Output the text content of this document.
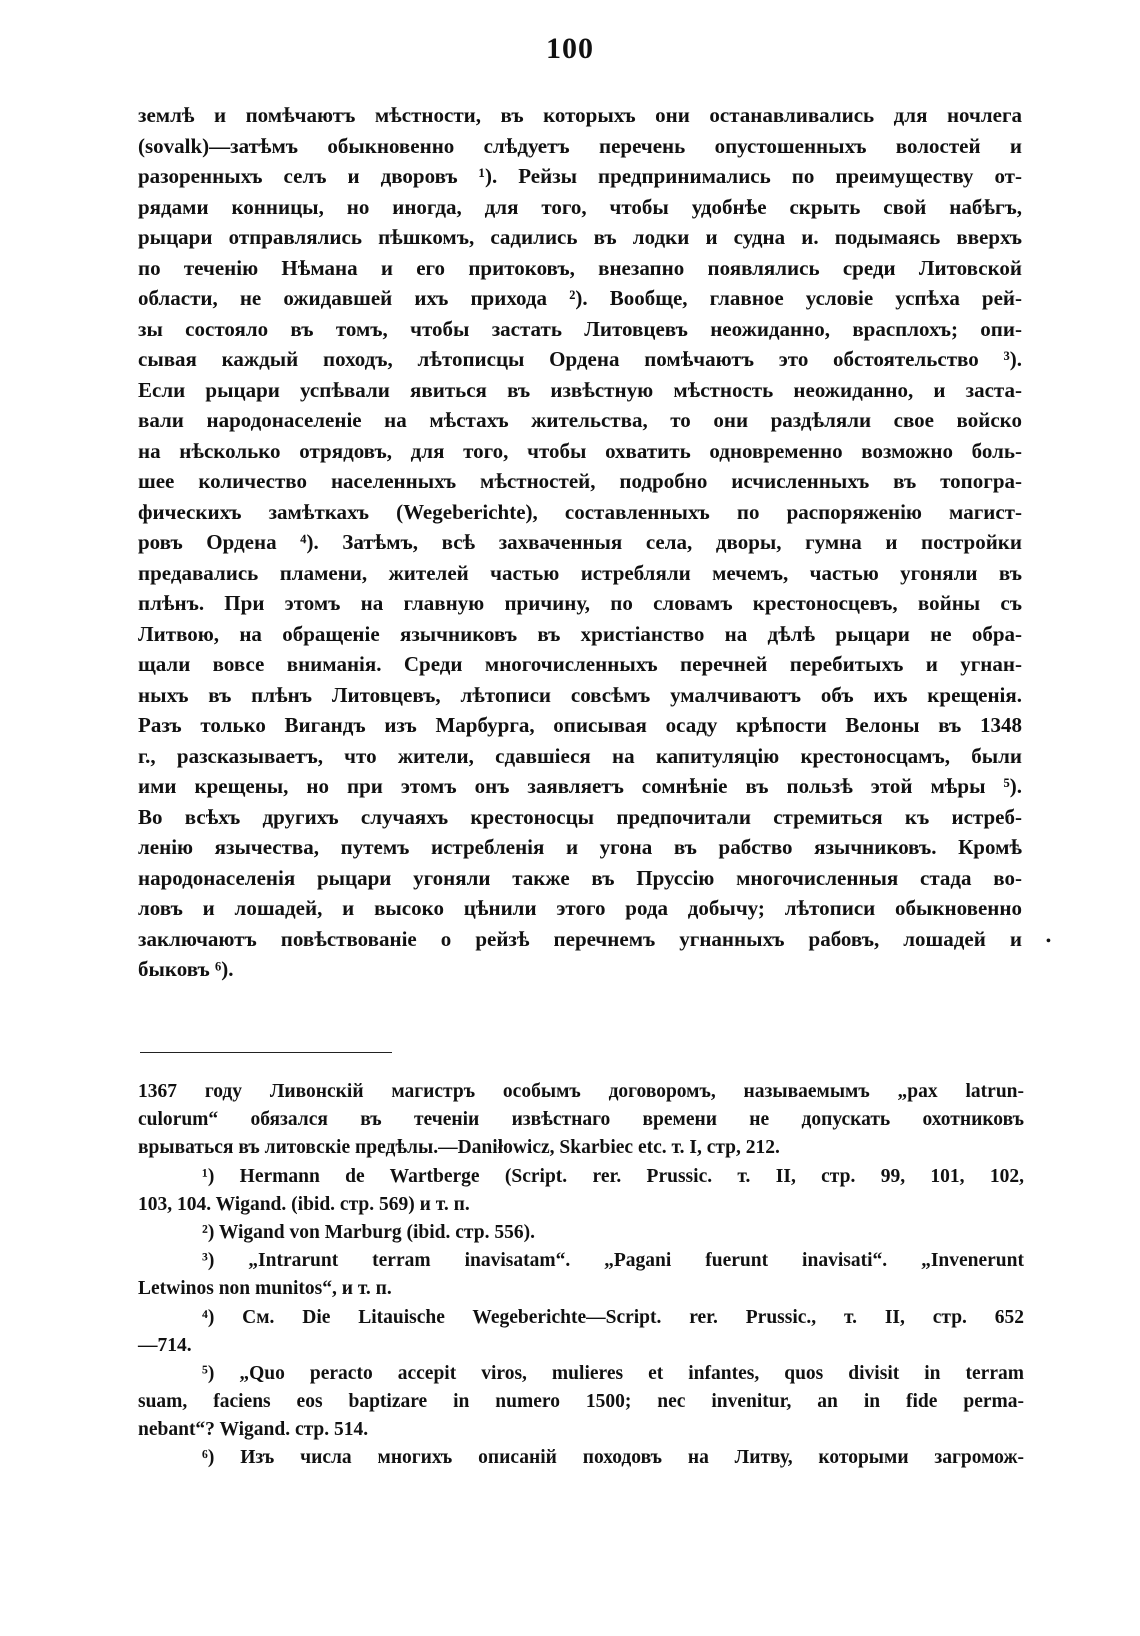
100
землѣ и помѣчаютъ мѣстности, въ которыхъ они останавливались для ночлега
(sovalk)—затѣмъ обыкновенно слѣдуетъ перечень опустошенныхъ волостей и
разоренныхъ селъ и дворовъ ¹). Рейзы предпринимались по преимуществу от-
рядами конницы, но иногда, для того, чтобы удобнѣе скрыть свой набѣгъ,
рыцари отправлялись пѣшкомъ, садились въ лодки и судна и. подымаясь вверхъ
по теченію Нѣмана и его притоковъ, внезапно появлялись среди Литовской
области, не ожидавшей ихъ прихода ²). Вообще, главное условіе успѣха рей-
зы состояло въ томъ, чтобы застать Литовцевъ неожиданно, врасплохъ; опи-
сывая каждый походъ, лѣтописцы Ордена помѣчаютъ это обстоятельство ³).
Если рыцари успѣвали явиться въ извѣстную мѣстность неожиданно, и заста-
вали народонаселеніе на мѣстахъ жительства, то они раздѣляли свое войско
на нѣсколько отрядовъ, для того, чтобы охватить одновременно возможно боль-
шее количество населенныхъ мѣстностей, подробно исчисленныхъ въ топогра-
фическихъ замѣткахъ (Wegeberichte), составленныхъ по распоряженію магист-
ровъ Ордена ⁴). Затѣмъ, всѣ захваченныя села, дворы, гумна и постройки
предавались пламени, жителей частью истребляли мечемъ, частью угоняли въ
плѣнъ. При этомъ на главную причину, по словамъ крестоносцевъ, войны съ
Литвою, на обращеніе язычниковъ въ христіанство на дѣлѣ рыцари не обра-
щали вовсе вниманія. Среди многочисленныхъ перечней перебитыхъ и угнан-
ныхъ въ плѣнъ Литовцевъ, лѣтописи совсѣмъ умалчиваютъ объ ихъ крещенія.
Разъ только Вигандъ изъ Марбурга, описывая осаду крѣпости Велоны въ 1348
г., разсказываетъ, что жители, сдавшіеся на капитуляцію крестоносцамъ, были
ими крещены, но при этомъ онъ заявляетъ сомнѣніе въ пользѣ этой мѣры ⁵).
Во всѣхъ другихъ случаяхъ крестоносцы предпочитали стремиться къ истреб-
ленію язычества, путемъ истребленія и угона въ рабство язычниковъ. Кромѣ
народонаселенія рыцари угоняли также въ Пруссію многочисленныя стада во-
ловъ и лошадей, и высоко цѣнили этого рода добычу; лѣтописи обыкновенно
заключаютъ повѣствованіе о рейзѣ перечнемъ угнанныхъ рабовъ, лошадей и
быковъ ⁶).
•
1367 году Ливонскій магистръ особымъ договоромъ, называемымъ „pax latrun-
culorum“ обязался въ теченіи извѣстнаго времени не допускать охотниковъ
врываться въ литовскіе предѣлы.—Daniłowicz, Skarbiec etc. т. I, стр, 212.
¹) Hermann de Wartberge (Script. rer. Prussic. т. II, стр. 99, 101, 102,
103, 104. Wigand. (ibid. стр. 569) и т. п.
²) Wigand von Marburg (ibid. стр. 556).
³) „Intrarunt terram inavisatam“. „Pagani fuerunt inavisati“. „Invenerunt
Letwinos non munitos“, и т. п.
⁴) См. Die Litauische Wegeberichte—Script. rer. Prussic., т. II, стр. 652
—714.
⁵) „Quo peracto accepit viros, mulieres et infantes, quos divisit in terram
suam, faciens eos baptizare in numero 1500; nec invenitur, an in fide perma-
nebant“? Wigand. стр. 514.
⁶) Изъ числа многихъ описаній походовъ на Литву, которыми загромож-
